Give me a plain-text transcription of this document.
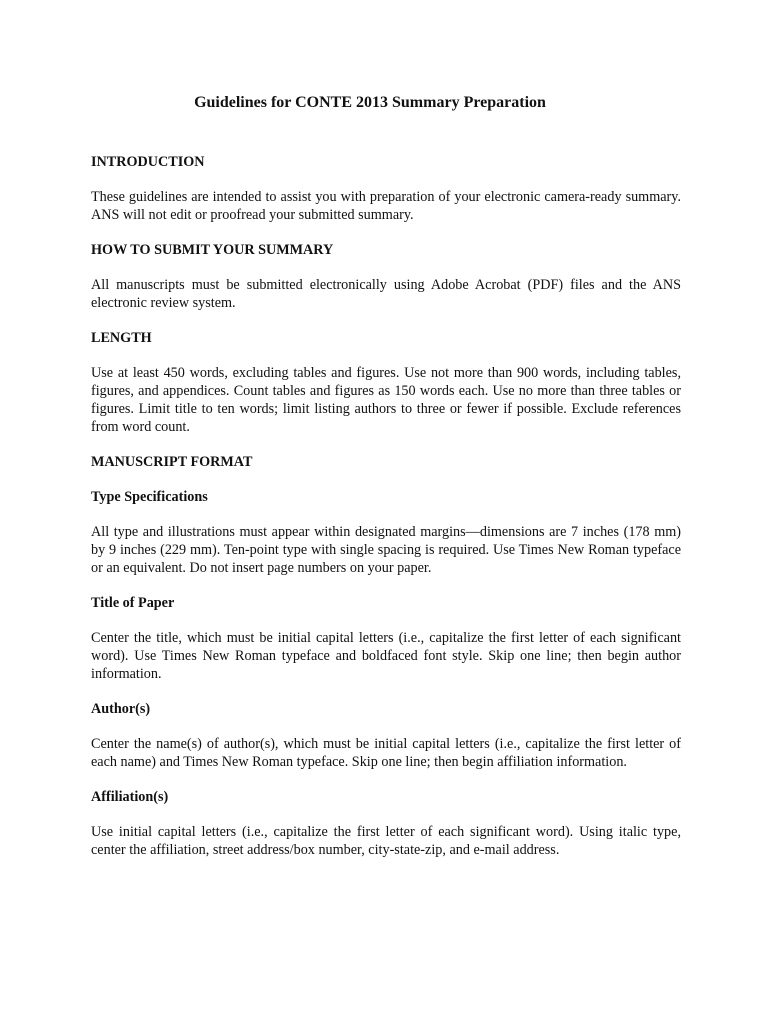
Guidelines for CONTE 2013 Summary Preparation
INTRODUCTION

These guidelines are intended to assist you with preparation of your electronic camera-ready summary. ANS will not edit or proofread your submitted summary.

HOW TO SUBMIT YOUR SUMMARY

All manuscripts must be submitted electronically using Adobe Acrobat (PDF) files and the ANS electronic review system.

LENGTH

Use at least 450 words, excluding tables and figures. Use not more than 900 words, including tables, figures, and appendices. Count tables and figures as 150 words each. Use no more than three tables or figures. Limit title to ten words; limit listing authors to three or fewer if possible. Exclude references from word count.

MANUSCRIPT FORMAT
Type Specifications

All type and illustrations must appear within designated margins—dimensions are 7 inches (178 mm) by 9 inches (229 mm). Ten-point type with single spacing is required. Use Times New Roman typeface or an equivalent. Do not insert page numbers on your paper.

Title of Paper

Center the title, which must be initial capital letters (i.e., capitalize the first letter of each significant word). Use Times New Roman typeface and boldfaced font style. Skip one line; then begin author information.

Author(s)

Center the name(s) of author(s), which must be initial capital letters (i.e., capitalize the first letter of each name) and Times New Roman typeface. Skip one line; then begin affiliation information.

Affiliation(s)

Use initial capital letters (i.e., capitalize the first letter of each significant word). Using italic type, center the affiliation, street address/box number, city-state-zip, and e-mail address.
